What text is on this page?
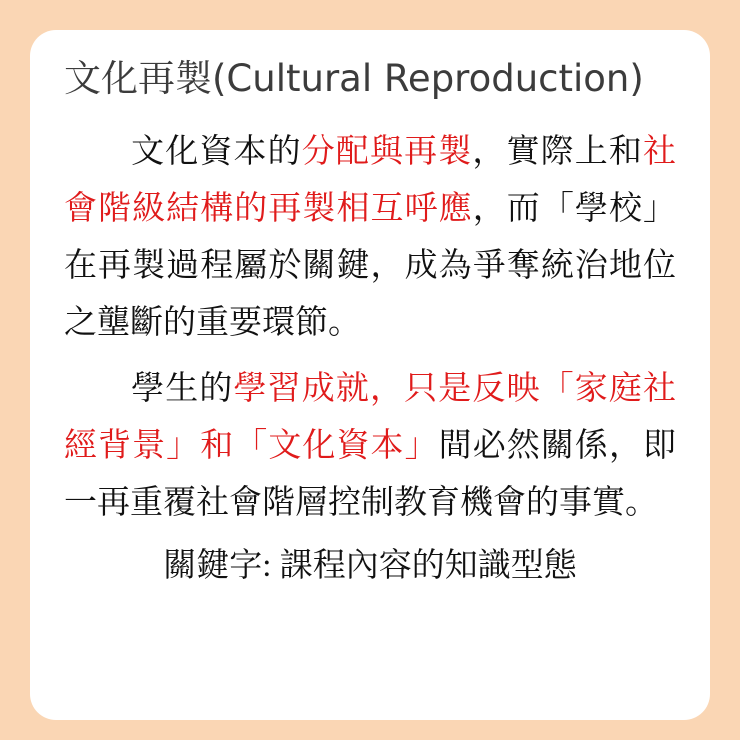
文化再製(Cultural Reproduction)

文化資本的分配與再製，實際上和社會階級結構的再製相互呼應，而「學校」在再製過程屬於關鍵，成為爭奪統治地位之壟斷的重要環節。

學生的學習成就，只是反映「家庭社經背景」和「文化資本」間必然關係，即一再重覆社會階層控制教育機會的事實。

關鍵字: 課程內容的知識型態
